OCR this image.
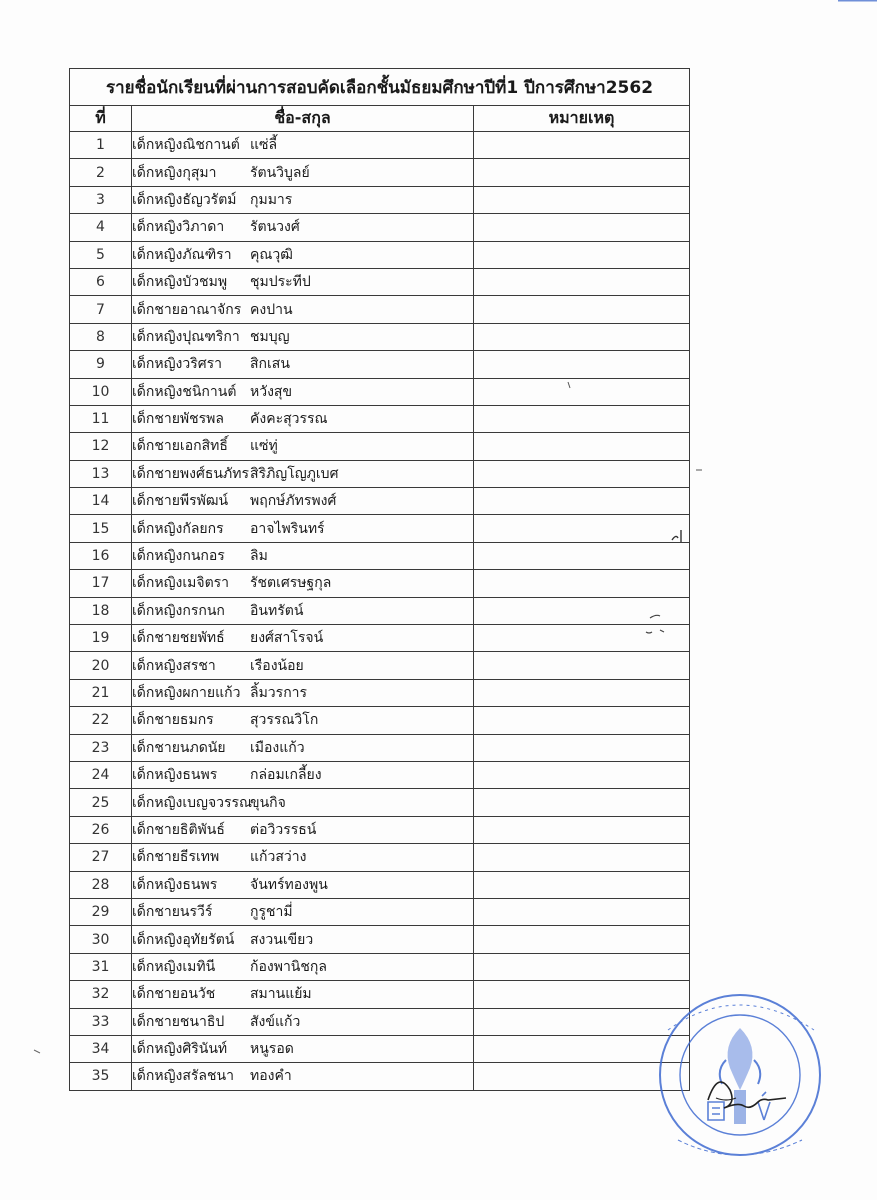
รายชื่อนักเรียนที่ผ่านการสอบคัดเลือกชั้นมัธยมศึกษาปีที่1 ปีการศึกษา2562		
ที่	ชื่อ-สกุล	หมายเหตุ
1	เด็กหญิงณิชกานต์ แซ่ลี้	
2	เด็กหญิงกุสุมา รัตนวิบูลย์	
3	เด็กหญิงธัญวรัตม์ กุมมาร	
4	เด็กหญิงวิภาดา รัตนวงศ์	
5	เด็กหญิงภัณฑิรา คุณวุฒิ	
6	เด็กหญิงบัวชมพู ชุมประทีป	
7	เด็กชายอาณาจักร คงปาน	
8	เด็กหญิงปุณฑริกา ชมบุญ	
9	เด็กหญิงวริศรา สิกเสน	
10	เด็กหญิงชนิกานต์ หวังสุข	
11	เด็กชายพัชรพล คังคะสุวรรณ	
12	เด็กชายเอกสิทธิ์ แซ่ทู่	
13	เด็กชายพงศ์ธนภัทรสิริภิญโญภูเบศ	
14	เด็กชายพีรพัฒน์ พฤกษ์ภัทรพงศ์	
15	เด็กหญิงกัลยกร อาจไพรินทร์	
16	เด็กหญิงกนกอร ลิม	
17	เด็กหญิงเมจิตรา รัชตเศรษฐกุล	
18	เด็กหญิงกรกนก อินทรัตน์	
19	เด็กชายชยพัทธ์ ยงศ์สาโรจน์	
20	เด็กหญิงสรชา เรืองน้อย	
21	เด็กหญิงผกายแก้ว ลิ้มวรการ	
22	เด็กชายธมกร สุวรรณวิโก	
23	เด็กชายนภดนัย เมืองแก้ว	
24	เด็กหญิงธนพร กล่อมเกลี้ยง	
25	เด็กหญิงเบญจวรรณขุนกิจ	
26	เด็กชายธิติพันธ์ ต่อวิวรรธน์	
27	เด็กชายธีรเทพ แก้วสว่าง	
28	เด็กหญิงธนพร จันทร์ทองพูน	
29	เด็กชายนรวีร์ กูรูชามี่	
30	เด็กหญิงอุทัยรัตน์ สงวนเขียว	
31	เด็กหญิงเมทินี ก้องพานิชกุล	
32	เด็กชายอนวัช สมานแย้ม	
33	เด็กชายชนาธิป สังข์แก้ว	
34	เด็กหญิงศิรินันท์ หนูรอด	
35	เด็กหญิงสรัลชนา ทองคำ	
